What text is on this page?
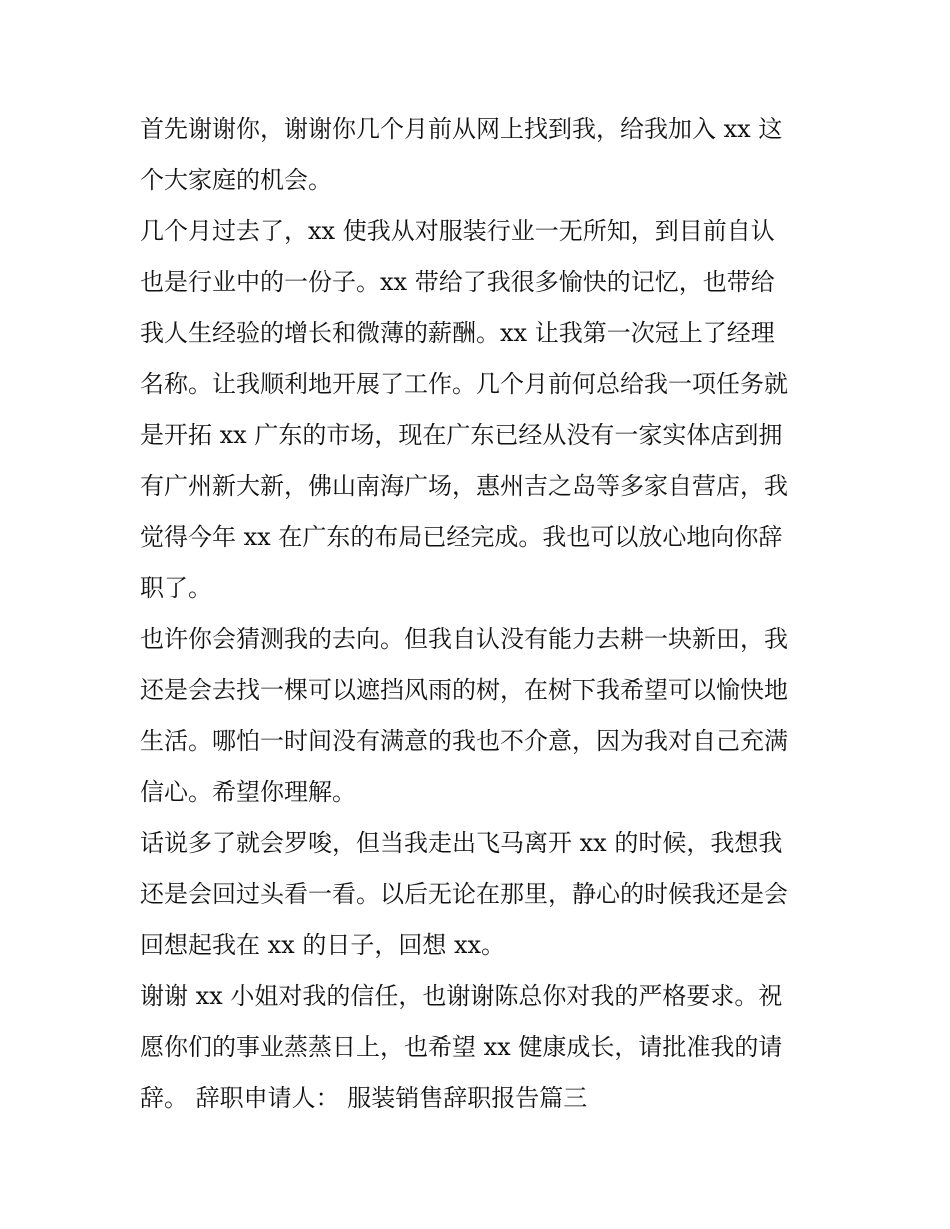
首先谢谢你，谢谢你几个月前从网上找到我，给我加入 xx 这
个大家庭的机会。
几个月过去了，xx 使我从对服装行业一无所知，到目前自认
也是行业中的一份子。xx 带给了我很多愉快的记忆，也带给
我人生经验的增长和微薄的薪酬。xx 让我第一次冠上了经理
名称。让我顺利地开展了工作。几个月前何总给我一项任务就
是开拓 xx 广东的市场，现在广东已经从没有一家实体店到拥
有广州新大新，佛山南海广场，惠州吉之岛等多家自营店，我
觉得今年 xx 在广东的布局已经完成。我也可以放心地向你辞
职了。
也许你会猜测我的去向。但我自认没有能力去耕一块新田，我
还是会去找一棵可以遮挡风雨的树，在树下我希望可以愉快地
生活。哪怕一时间没有满意的我也不介意，因为我对自己充满
信心。希望你理解。
话说多了就会罗唆，但当我走出飞马离开 xx 的时候，我想我
还是会回过头看一看。以后无论在那里，静心的时候我还是会
回想起我在 xx 的日子，回想 xx。
谢谢 xx 小姐对我的信任，也谢谢陈总你对我的严格要求。祝
愿你们的事业蒸蒸日上，也希望 xx 健康成长，请批准我的请
辞。 辞职申请人： 服装销售辞职报告篇三
